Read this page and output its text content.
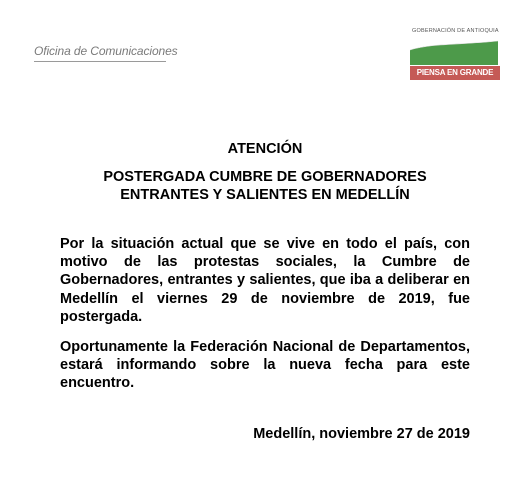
Oficina de Comunicaciones
GOBERNACIÓN DE ANTIOQUIA
PIENSA EN GRANDE
ATENCIÓN
POSTERGADA CUMBRE DE GOBERNADORES
ENTRANTES Y SALIENTES EN MEDELLÍN
Por la situación actual que se vive en todo el país, con motivo de las protestas sociales, la Cumbre de Gobernadores, entrantes y salientes, que iba a deliberar en Medellín el viernes 29 de noviembre de 2019, fue postergada.
Oportunamente la Federación Nacional de Departamentos, estará informando sobre la nueva fecha para este encuentro.
Medellín, noviembre 27 de 2019
